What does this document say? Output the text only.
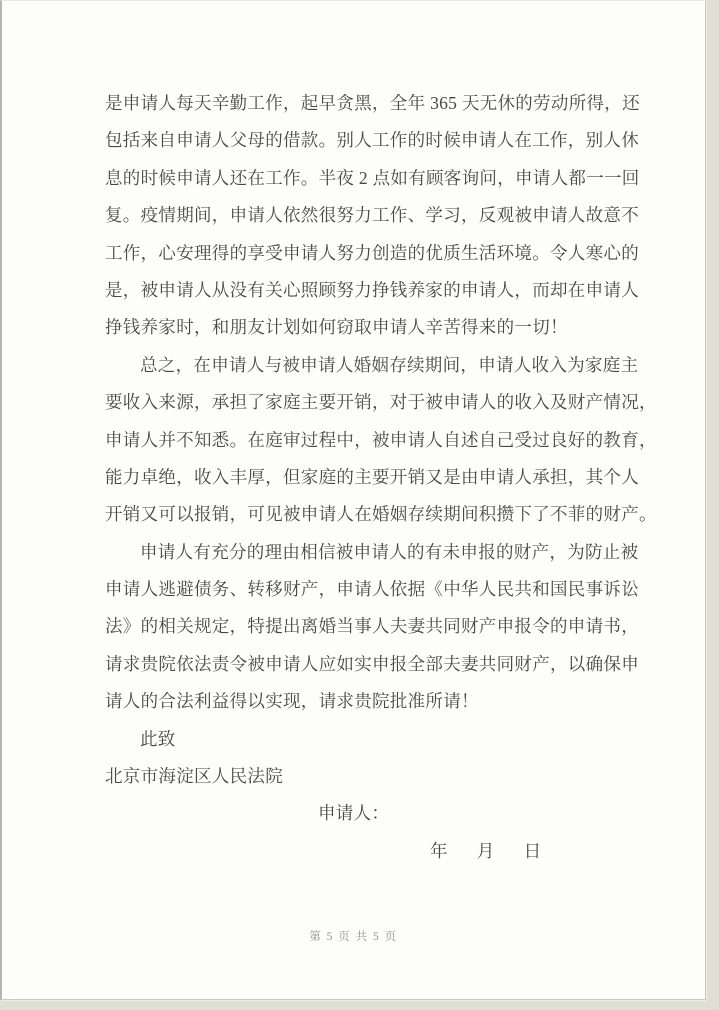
是申请人每天辛勤工作，起早贪黑，全年 365 天无休的劳动所得，还
包括来自申请人父母的借款。别人工作的时候申请人在工作，别人休
息的时候申请人还在工作。半夜 2 点如有顾客询问，申请人都一一回
复。疫情期间，申请人依然很努力工作、学习，反观被申请人故意不
工作，心安理得的享受申请人努力创造的优质生活环境。令人寒心的
是，被申请人从没有关心照顾努力挣钱养家的申请人，而却在申请人
挣钱养家时，和朋友计划如何窃取申请人辛苦得来的一切！
总之，在申请人与被申请人婚姻存续期间，申请人收入为家庭主
要收入来源，承担了家庭主要开销，对于被申请人的收入及财产情况，
申请人并不知悉。在庭审过程中，被申请人自述自己受过良好的教育，
能力卓绝，收入丰厚，但家庭的主要开销又是由申请人承担，其个人
开销又可以报销，可见被申请人在婚姻存续期间积攒下了不菲的财产。
申请人有充分的理由相信被申请人的有未申报的财产，为防止被
申请人逃避债务、转移财产，申请人依据《中华人民共和国民事诉讼
法》的相关规定，特提出离婚当事人夫妻共同财产申报令的申请书，
请求贵院依法责令被申请人应如实申报全部夫妻共同财产，以确保申
请人的合法利益得以实现，请求贵院批准所请！
此致
北京市海淀区人民法院
申请人：
年 月 日
第 5 页 共 5 页
